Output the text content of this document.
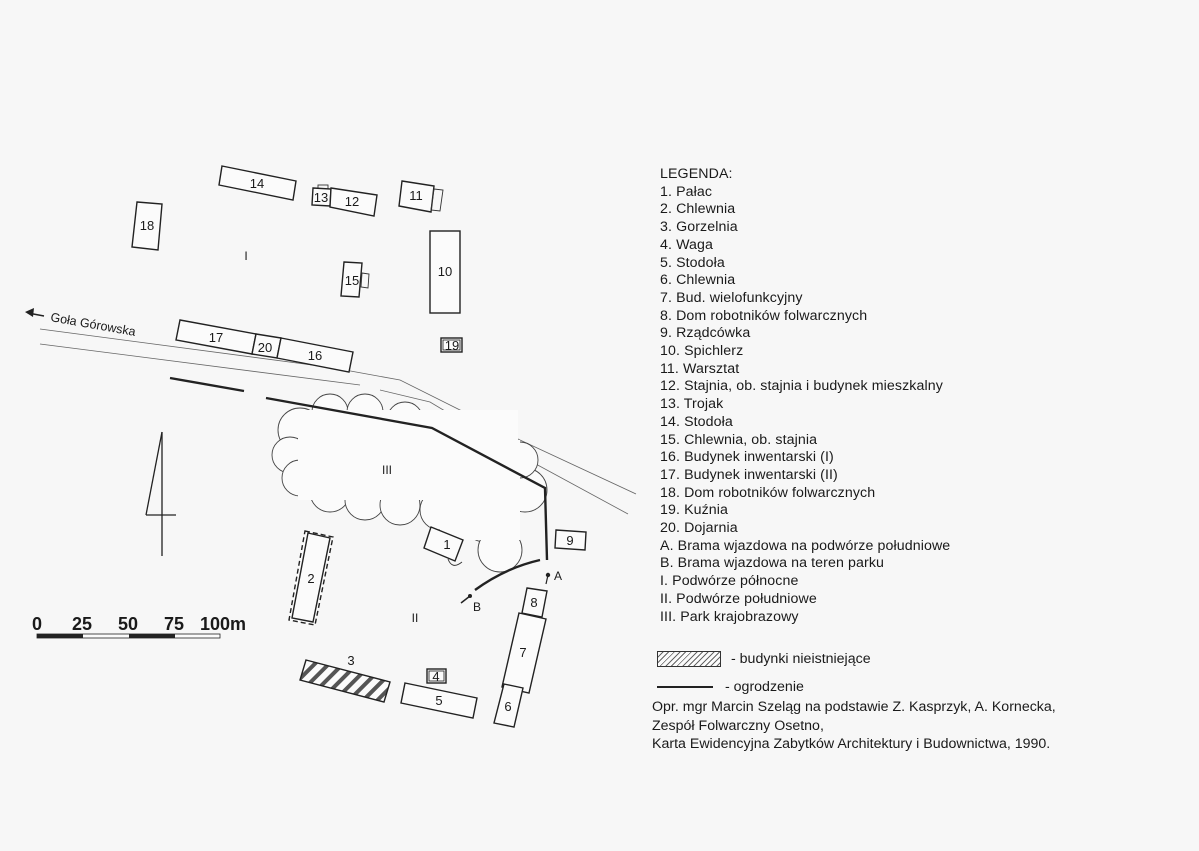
Goła Górowska
A
B
14
18
13 12	11
10
15
19
17
20
16
1	9
2
8
7
6
3
4
5
I
III
II
0 25 50 75 100m
LEGENDA:
1. Pałac
2. Chlewnia
3. Gorzelnia
4. Waga
5. Stodoła
6. Chlewnia
7. Bud. wielofunkcyjny
8. Dom robotników folwarcznych
9. Rządcówka
10. Spichlerz
11. Warsztat
12. Stajnia, ob. stajnia i budynek mieszkalny
13. Trojak
14. Stodoła
15. Chlewnia, ob. stajnia
16. Budynek inwentarski (I)
17. Budynek inwentarski (II)
18. Dom robotników folwarcznych
19. Kuźnia
20. Dojarnia
A. Brama wjazdowa na podwórze południowe
B. Brama wjazdowa na teren parku
I. Podwórze północne
II. Podwórze południowe
III. Park krajobrazowy
- budynki nieistniejące
- ogrodzenie
Opr. mgr Marcin Szeląg na podstawie Z. Kasprzyk, A. Kornecka,
Zespół Folwarczny Osetno,
Karta Ewidencyjna Zabytków Architektury i Budownictwa, 1990.
